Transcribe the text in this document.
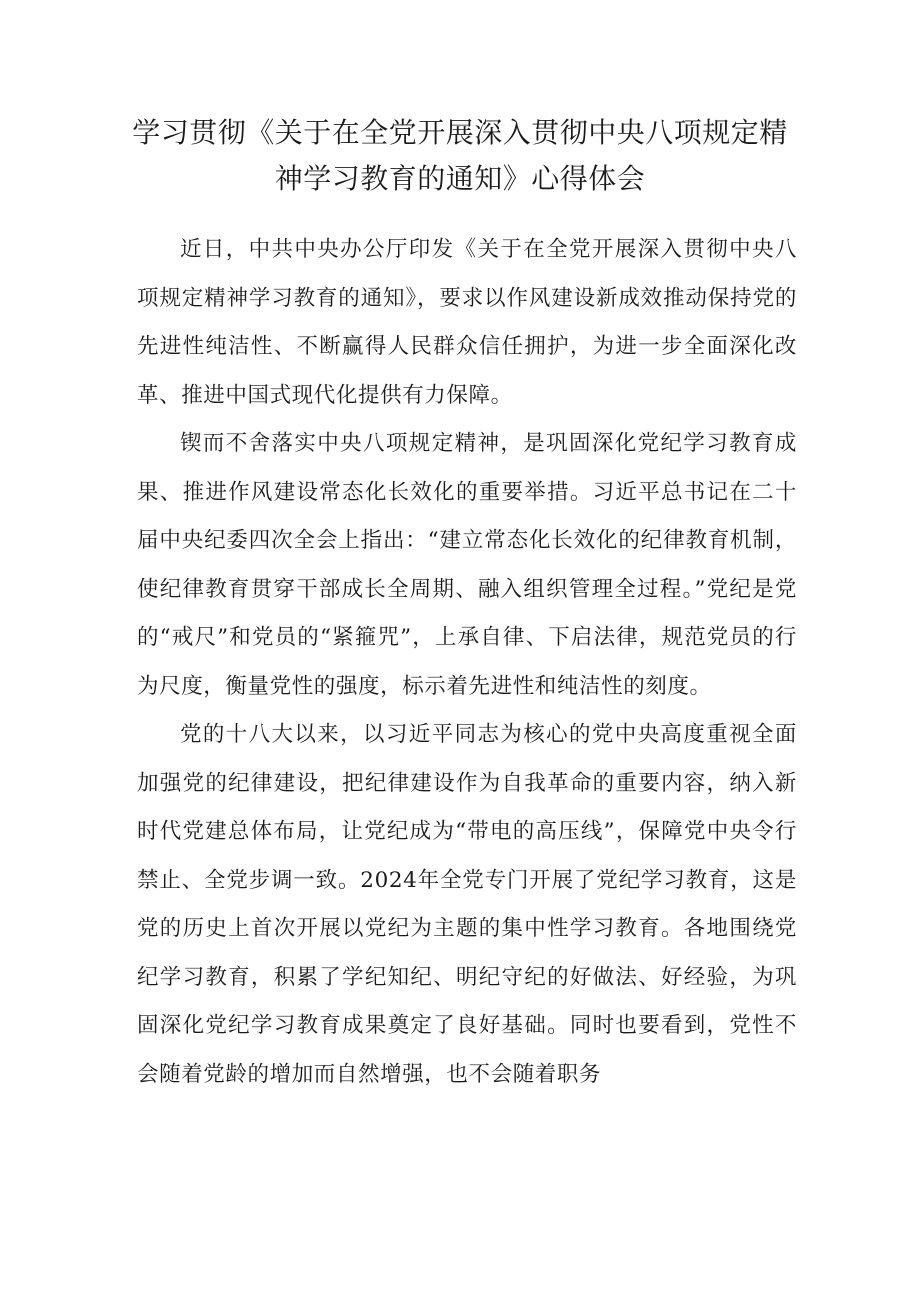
学习贯彻《关于在全党开展深入贯彻中央八项规定精
神学习教育的通知》心得体会

近日，中共中央办公厅印发《关于在全党开展深入贯彻中央八项规定精神学习教育的通知》，要求以作风建设新成效推动保持党的先进性纯洁性、不断赢得人民群众信任拥护，为进一步全面深化改革、推进中国式现代化提供有力保障。

锲而不舍落实中央八项规定精神，是巩固深化党纪学习教育成果、推进作风建设常态化长效化的重要举措。习近平总书记在二十届中央纪委四次全会上指出：“建立常态化长效化的纪律教育机制，使纪律教育贯穿干部成长全周期、融入组织管理全过程。”党纪是党的“戒尺”和党员的“紧箍咒”，上承自律、下启法律，规范党员的行为尺度，衡量党性的强度，标示着先进性和纯洁性的刻度。

党的十八大以来，以习近平同志为核心的党中央高度重视全面加强党的纪律建设，把纪律建设作为自我革命的重要内容，纳入新时代党建总体布局，让党纪成为“带电的高压线”，保障党中央令行禁止、全党步调一致。2024年全党专门开展了党纪学习教育，这是党的历史上首次开展以党纪为主题的集中性学习教育。各地围绕党纪学习教育，积累了学纪知纪、明纪守纪的好做法、好经验，为巩固深化党纪学习教育成果奠定了良好基础。同时也要看到，党性不会随着党龄的增加而自然增强，也不会随着职务
